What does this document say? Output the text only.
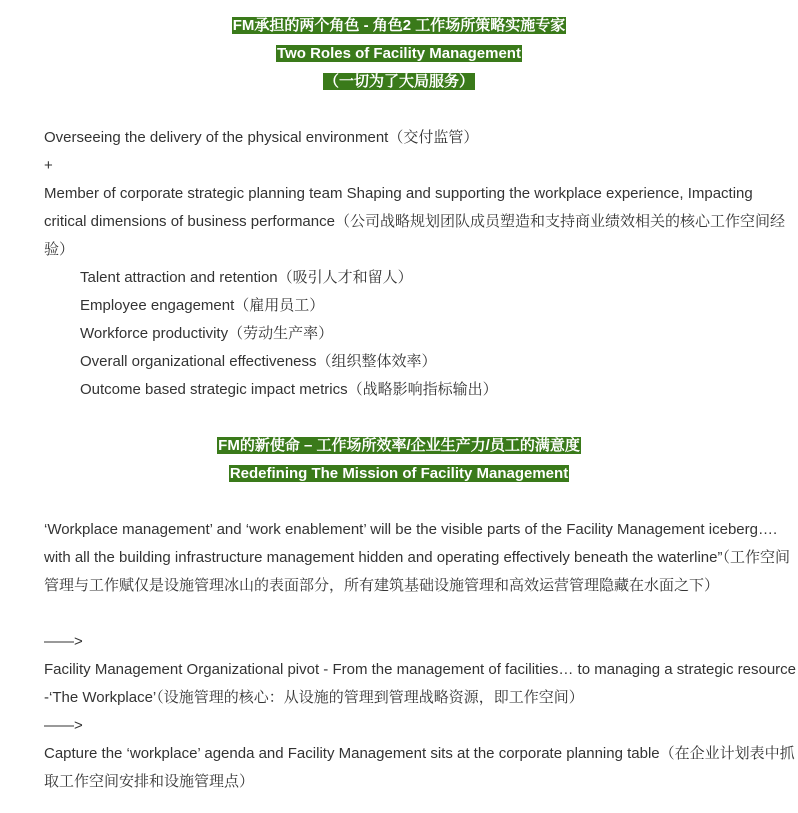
FM承担的两个角色 - 角色2 工作场所策略实施专家
Two Roles of Facility Management
（一切为了大局服务）

Overseeing the delivery of the physical environment（交付监管）

+

Member of corporate strategic planning team Shaping and supporting the workplace experience, Impacting critical dimensions of business performance（公司战略规划团队成员塑造和支持商业绩效相关的核心工作空间经验）

Talent attraction and retention（吸引人才和留人）

Employee engagement（雇用员工）

Workforce productivity（劳动生产率）

Overall organizational effectiveness（组织整体效率）

Outcome based strategic impact metrics（战略影响指标输出）

FM的新使命 – 工作场所效率/企业生产力/员工的满意度
Redefining The Mission of Facility Management

‘Workplace management’ and ‘work enablement’ will be the visible parts of the Facility Management iceberg…. with all the building infrastructure management hidden and operating effectively beneath the waterline”（工作空间管理与工作赋仅是设施管理冰山的表面部分，所有建筑基础设施管理和高效运营管理隐藏在水面之下）

——>

Facility Management Organizational pivot - From the management of facilities… to managing a strategic resource -‘The Workplace’（设施管理的核心：从设施的管理到管理战略资源，即工作空间）

——>

Capture the ‘workplace’ agenda and Facility Management sits at the corporate planning table（在企业计划表中抓取工作空间安排和设施管理点）
